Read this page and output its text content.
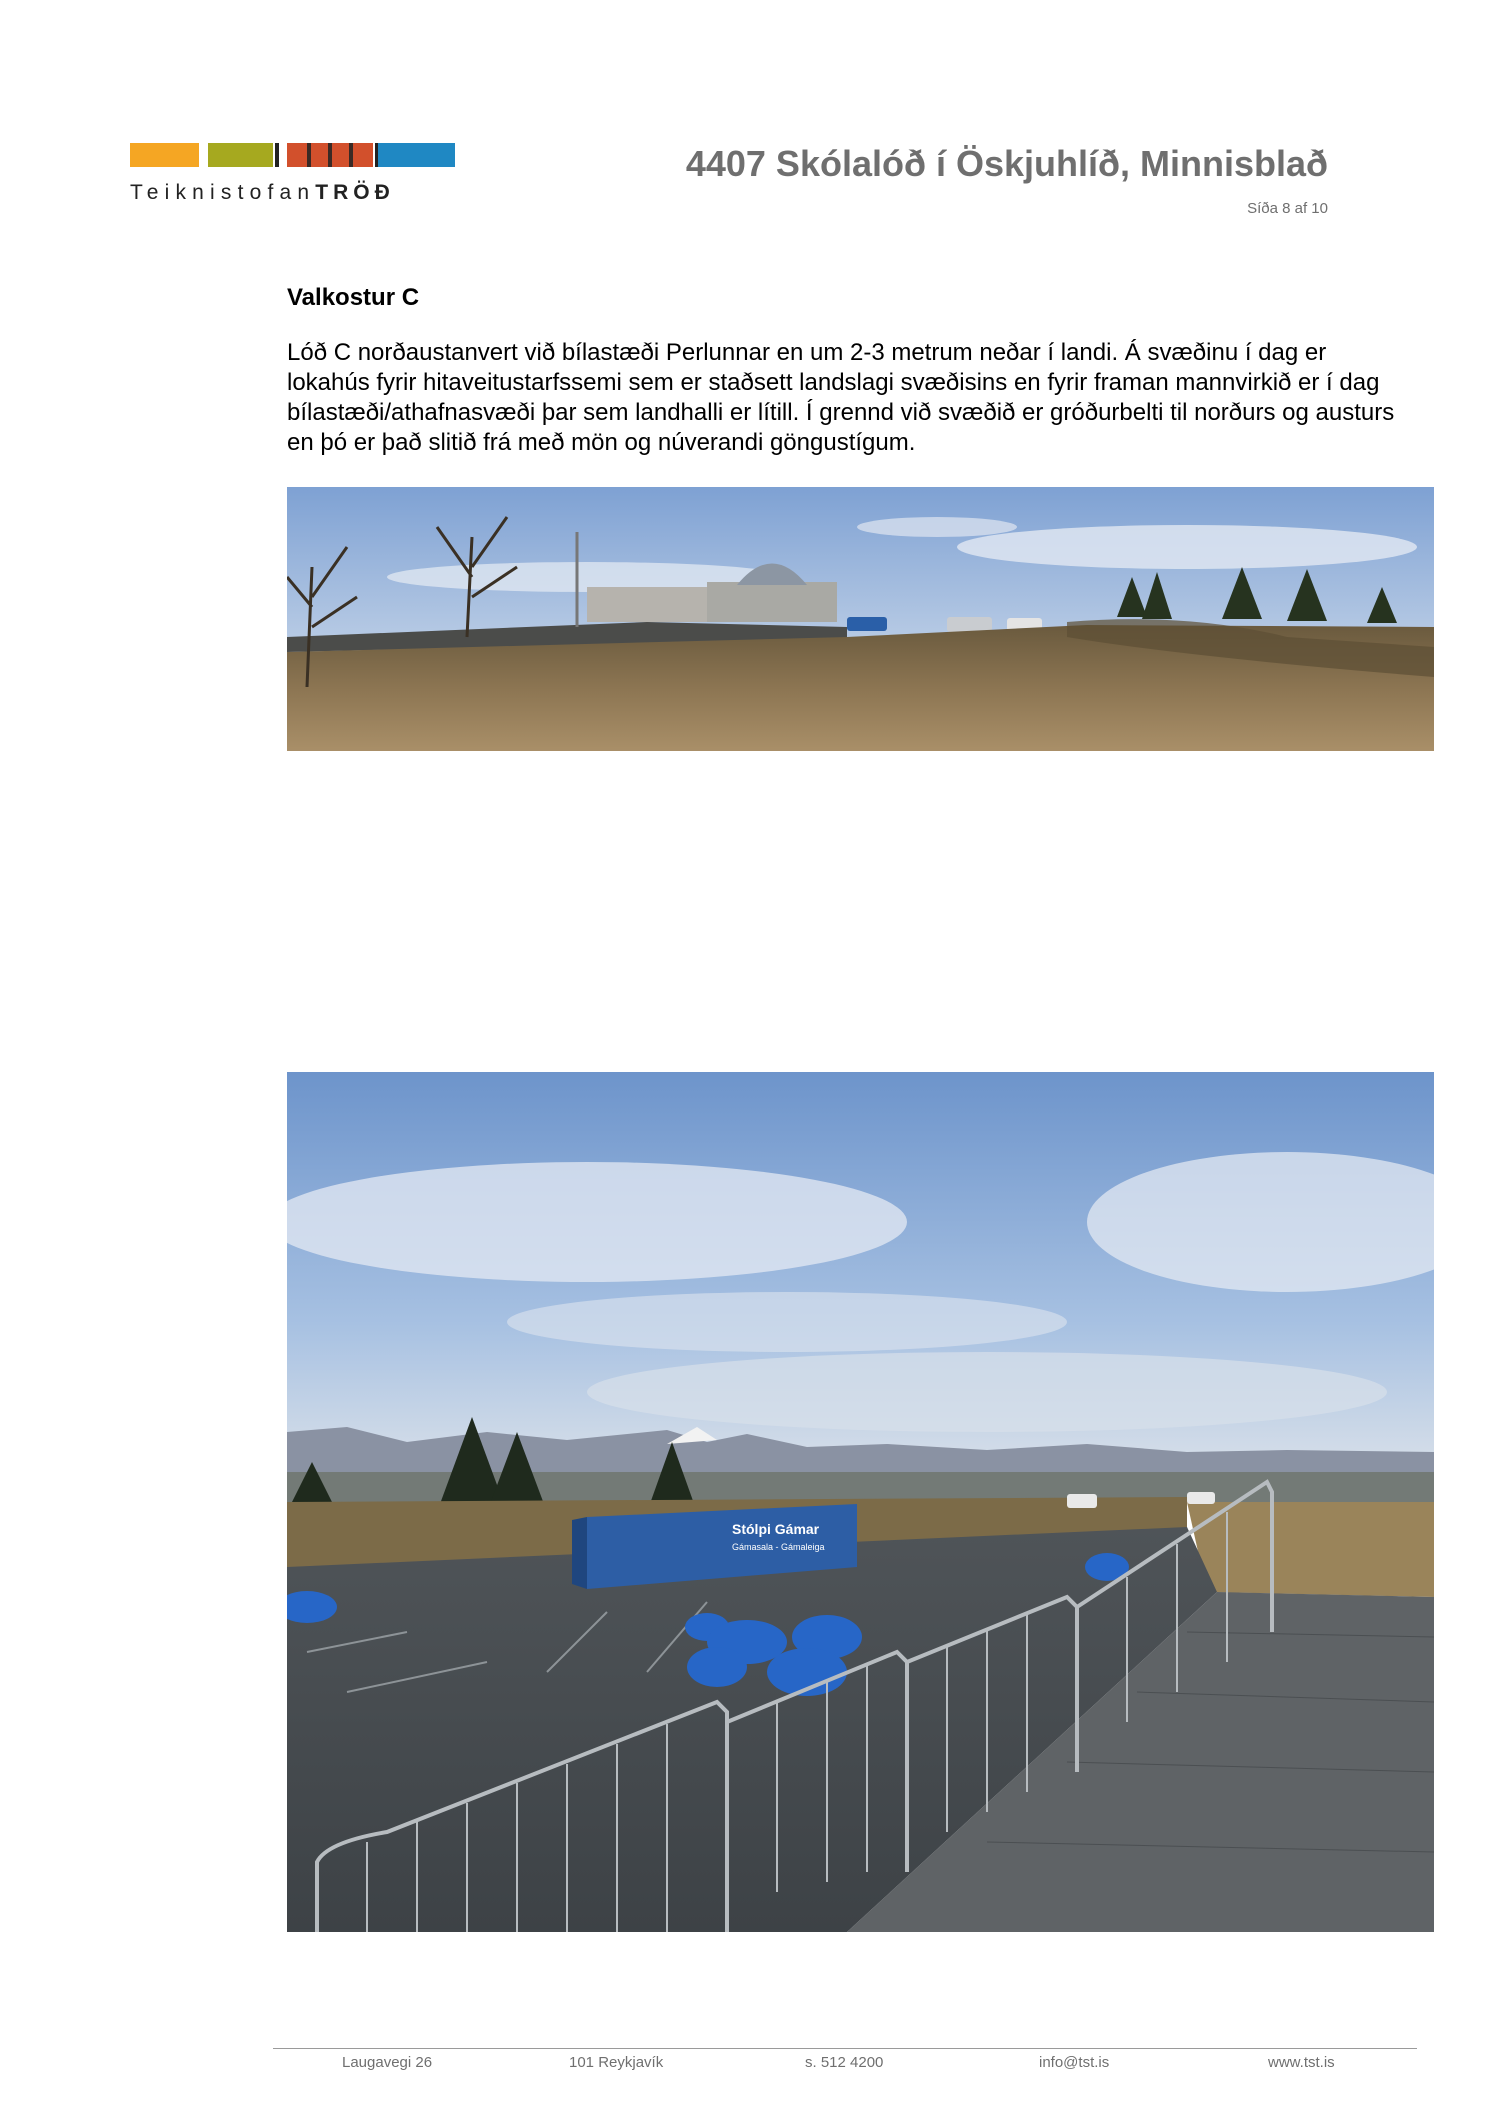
TeiknistofanTRÖÐ
4407 Skólalóð í Öskjuhlíð, Minnisblað
Síða 8 af 10
Valkostur C
Lóð C norðaustanvert við bílastæði Perlunnar en um 2-3 metrum neðar í landi. Á svæðinu í dag er lokahús fyrir hitaveitustarfssemi sem er staðsett landslagi svæðisins en fyrir framan mannvirkið er í dag bílastæði/athafnasvæði þar sem landhalli er lítill. Í grennd við svæðið er gróðurbelti til norðurs og austurs en þó er það slitið frá með mön og núverandi göngustígum.
Stólpi Gámar
Gámasala - Gámaleiga
Laugavegi 26	101 Reykjavík	s. 512 4200	info@tst.is	www.tst.is
